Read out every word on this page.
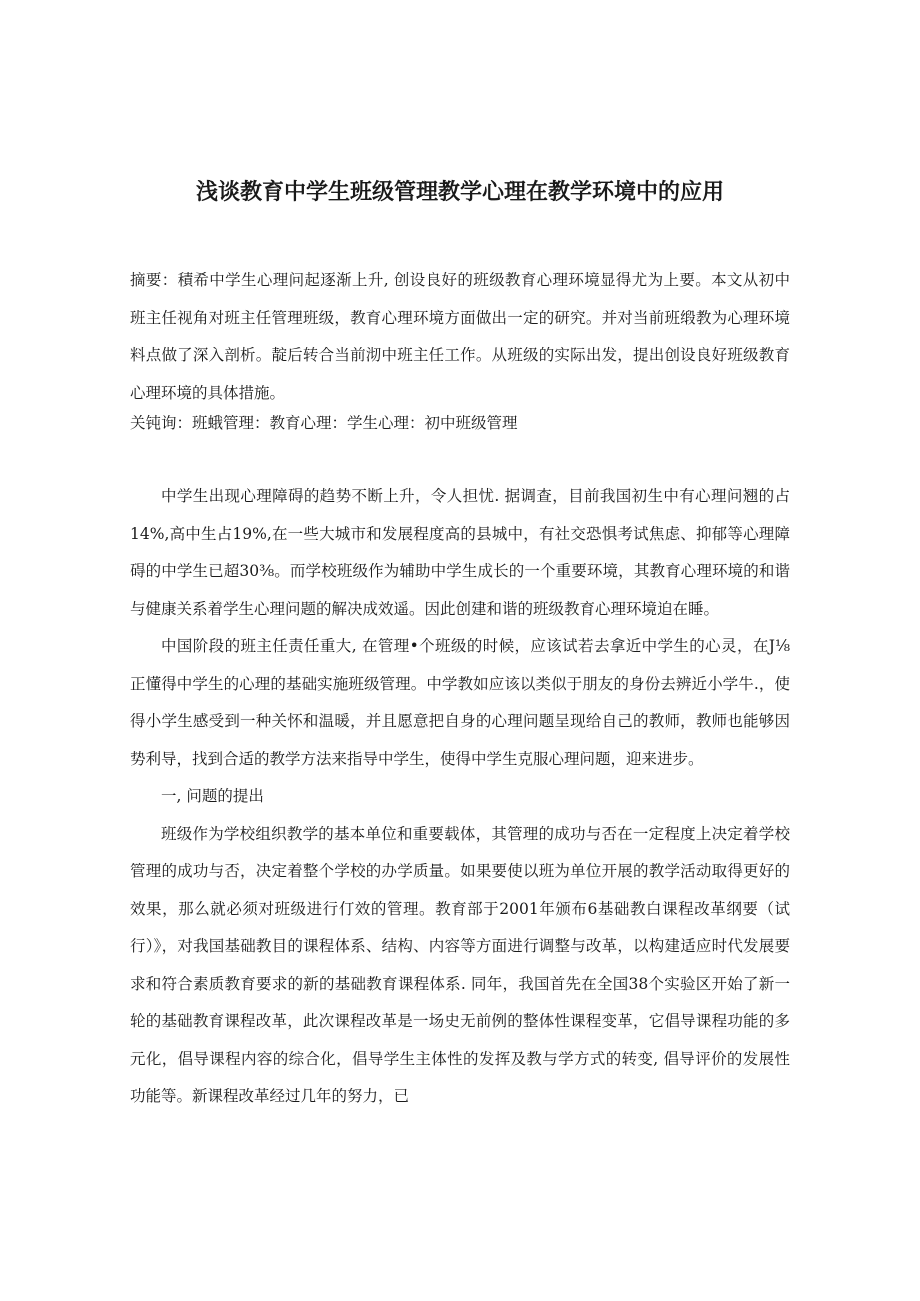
浅谈教育中学生班级管理教学心理在教学环境中的应用
摘要：積希中学生心理问起逐渐上升, 创设良好的班级教育心理环境显得尤为上要。本文从初中班主任视角对班主任管理班级，教育心理环境方面做出一定的研究。并对当前班缎教为心理环境料点做了深入剖析。靛后转合当前沏中班主任工作。从班级的实际出发，提出创设良好班级教育心理环境的具体措施。
关钝询：班蛾管理：教育心理：学生心理：初中班级管理

中学生出现心理障碍的趋势不断上升，令人担忧. 据调查，目前我国初生中有心理问翘的占14%,高中生占19%,在一些大城市和发展程度高的县城中，有社交恐惧考试焦虑、抑郁等心理障碍的中学生已超30⅜。而学校班级作为辅助中学生成长的一个重要环境，其教育心理环境的和谐与健康关系着学生心理问题的解决成效遥。因此创建和谐的班级教育心理环境迫在睡。

中国阶段的班主任责任重大, 在管理•个班级的时候，应该试若去拿近中学生的心灵，在J⅛正懂得中学生的心理的基础实施班级管理。中学教如应该以类似于朋友的身份去辨近小学牛.，使得小学生感受到一种关怀和温暖，并且愿意把自身的心理问题呈现给自己的教师，教师也能够因势利导，找到合适的教学方法来指导中学生，使得中学生克服心理问题，迎来进步。

一, 问题的提出

班级作为学校组织教学的基本单位和重要载体，其管理的成功与否在一定程度上决定着学校管理的成功与否，决定着整个学校的办学质量。如果要使以班为单位开展的教学活动取得更好的效果，那么就必须对班级进行仃效的管理。教育部于2001年颁布6基础教白课程改革纲要（试行）》，对我国基础教目的课程体系、结构、内容等方面进行调整与改革，以构建适应时代发展要求和符合素质教育要求的新的基础教育课程体系. 同年，我国首先在全国38个实验区开始了新一轮的基础教育课程改革，此次课程改革是一场史无前例的整体性课程变革，它倡导课程功能的多元化，倡导课程内容的综合化，倡导学生主体性的发挥及教与学方式的转变, 倡导评价的发展性功能等。新课程改革经过几年的努力，已
